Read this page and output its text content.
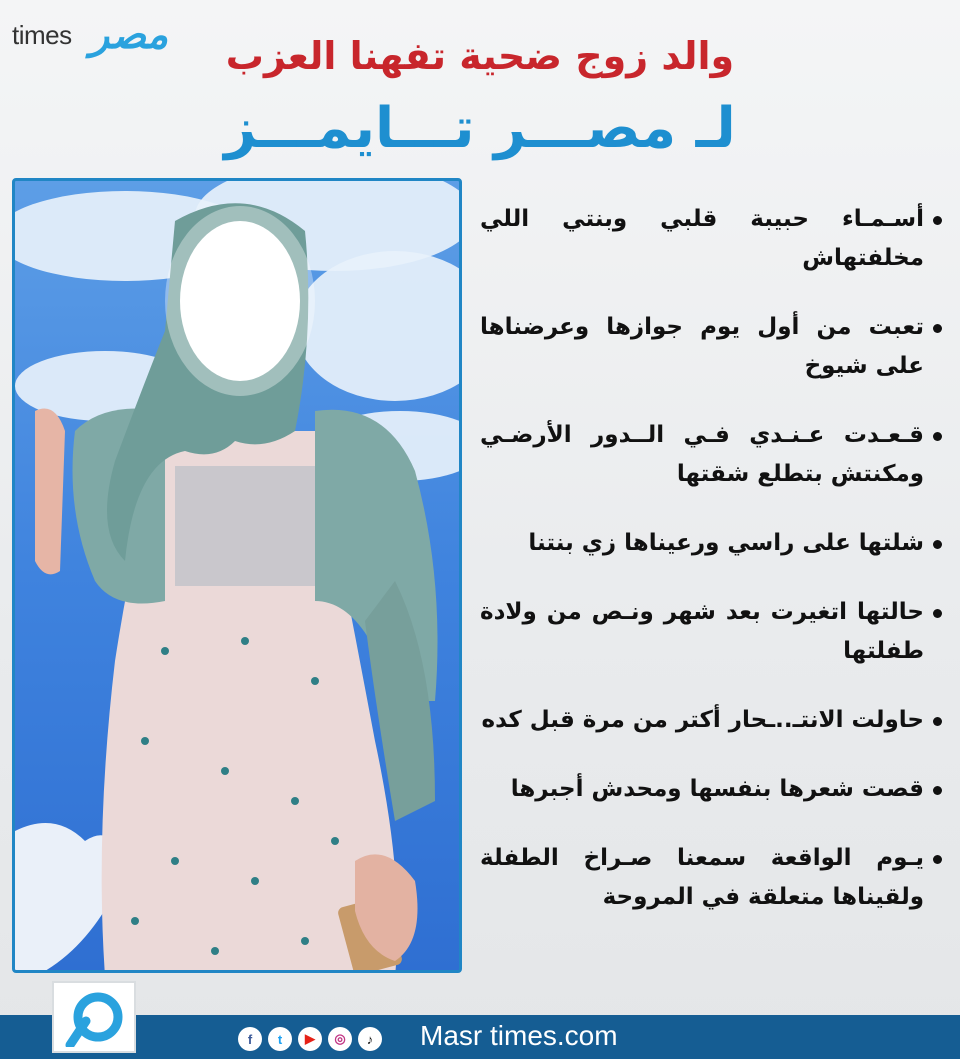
times مصر	والد زوج ضحية تفهنا العزب
لـ مصـــر تـــايمـــز
أسـمـاء حبيبة قلبي وبنتي اللي مخلفتهاش
تعبت من أول يوم جوازها وعرضناها على شيوخ
قـعـدت عـنـدي فـي الــدور الأرضـي ومكنتش بتطلع شقتها
شلتها على راسي ورعيناها زي بنتنا
حالتها اتغيرت بعد شهر ونـص من ولادة طفلتها
حاولت الانتـ..ـحار أكتر من مرة قبل كده
قصت شعرها بنفسها ومحدش أجبرها
يـوم الواقعة سمعنا صـراخ الطفلة ولقيناها متعلقة في المروحة
f	t	▶	◎	♪	Masr times.com
